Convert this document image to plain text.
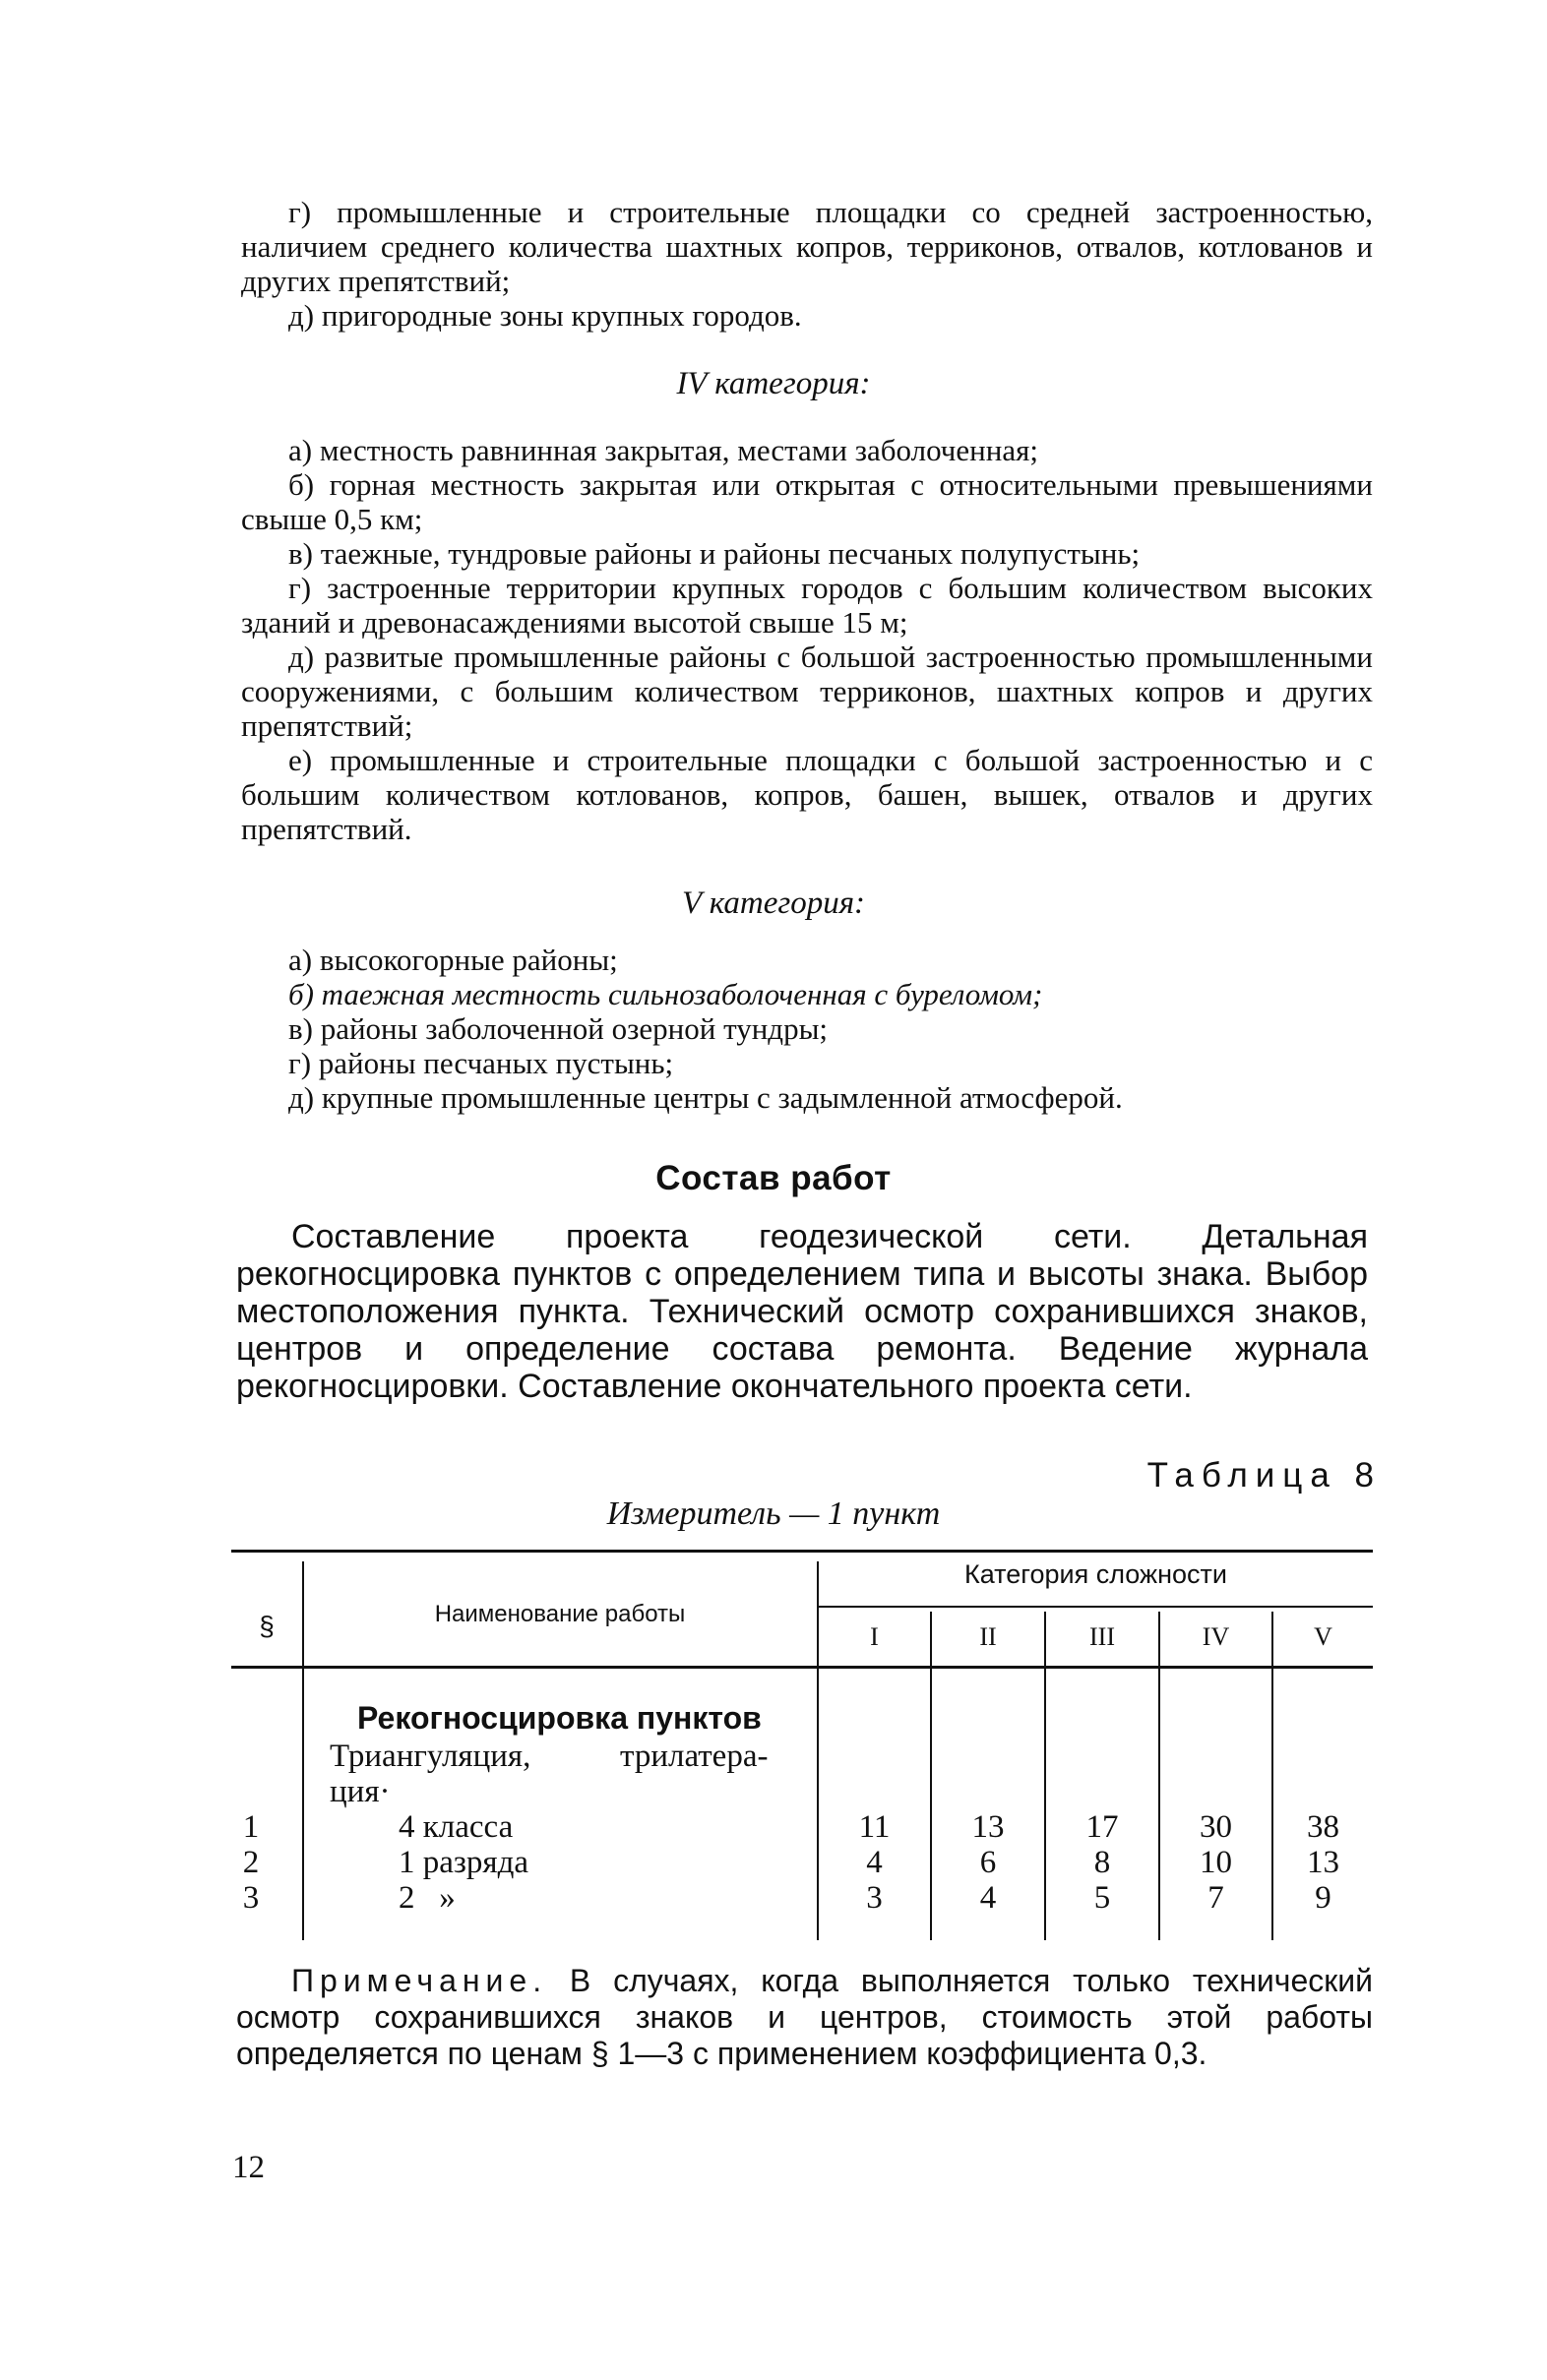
г) промышленные и строительные площадки со средней застроенностью, наличием среднего количества шахтных копров, терриконов, отвалов, котлованов и других препятствий;

д) пригородные зоны крупных городов.

IV категория:

а) местность равнинная закрытая, местами заболоченная;

б) горная местность закрытая или открытая с относительными превышениями свыше 0,5 км;

в) таежные, тундровые районы и районы песчаных полупустынь;

г) застроенные территории крупных городов с большим количеством высоких зданий и древонасаждениями высотой свыше 15 м;

д) развитые промышленные районы с большой застроенностью промышленными сооружениями, с большим количеством терриконов, шахтных копров и других препятствий;

е) промышленные и строительные площадки с большой застроенностью и с большим количеством котлованов, копров, башен, вышек, отвалов и других препятствий.

V категория:

а) высокогорные районы;

б) таежная местность сильнозаболоченная с буреломом;

в) районы заболоченной озерной тундры;

г) районы песчаных пустынь;

д) крупные промышленные центры с задымленной атмосферой.

Состав работ
Составление проекта геодезической сети. Детальная рекогносцировка пунктов с определением типа и высоты знака. Выбор местоположения пункта. Технический осмотр сохранившихся знаков, центров и определение состава ремонта. Ведение журнала рекогносцировки. Составление окончательного проекта сети.
Таблица 8
Измеритель — 1 пункт
§	Наименование работы
Категория сложности
I	II	III	IV	V
Рекогносцировка пунктов
Триангуляция,	трилатера-
ция·
1	4 класса	11	13	17	30	38
2	1 разряда	4	6	8	10	13
3	2   »	3	4	5	7	9
Примечание. В случаях, когда выполняется только технический осмотр сохранившихся знаков и центров, стоимость этой работы определяется по ценам § 1—3 с применением коэффициента 0,3.
12
